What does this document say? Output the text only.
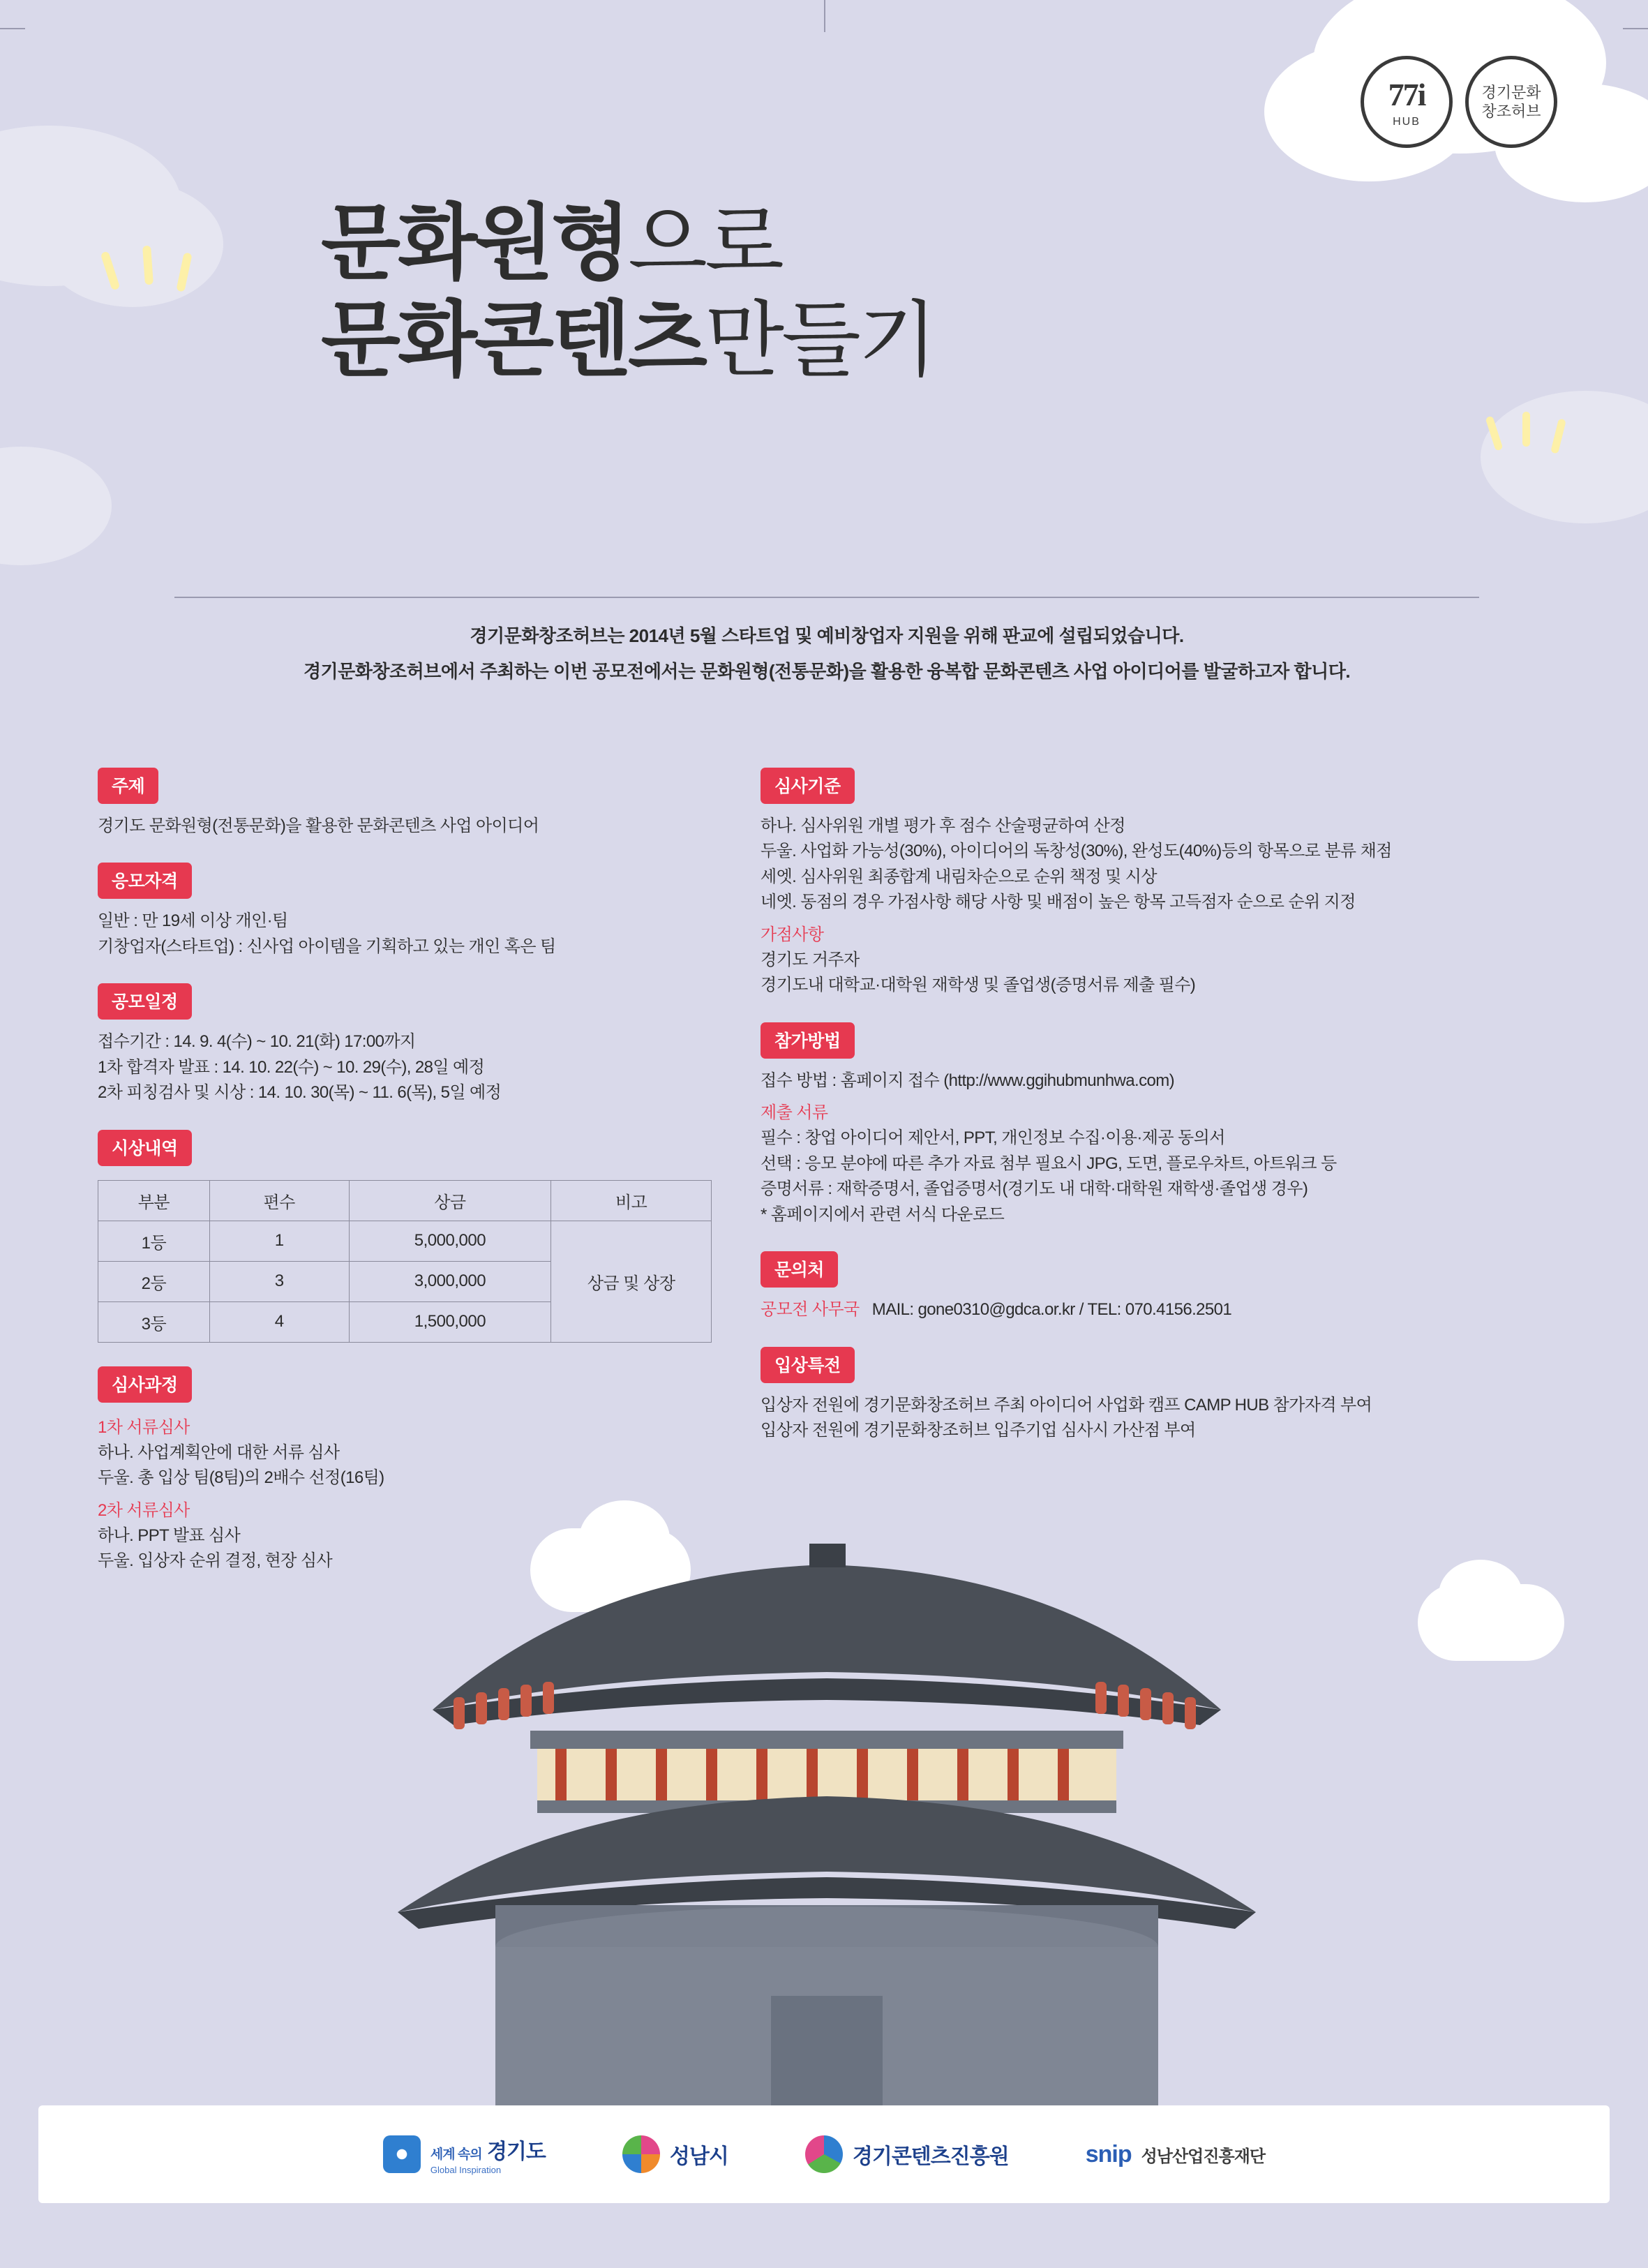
77i
HUB
경기문화
창조허브
문화원형으로
문화콘텐츠만들기

경기문화창조허브는 2014년 5월 스타트업 및 예비창업자 지원을 위해 판교에 설립되었습니다.

경기문화창조허브에서 주최하는 이번 공모전에서는 문화원형(전통문화)을 활용한 융복합 문화콘텐츠 사업 아이디어를 발굴하고자 합니다.

주제
경기도 문화원형(전통문화)을 활용한 문화콘텐츠 사업 아이디어
응모자격
일반 : 만 19세 이상 개인·팀
기창업자(스타트업) : 신사업 아이템을 기획하고 있는 개인 혹은 팀
공모일정
접수기간 : 14. 9. 4(수) ~ 10. 21(화) 17:00까지
1차 합격자 발표 : 14. 10. 22(수) ~ 10. 29(수), 28일 예정
2차 피칭검사 및 시상 : 14. 10. 30(목) ~ 11. 6(목), 5일 예정
시상내역
부분	편수	상금	비고
1등	1	5,000,000	상금 및 상장
2등	3	3,000,000	
3등	4	1,500,000	
심사과정
1차 서류심사
하나. 사업계획안에 대한 서류 심사
두울. 총 입상 팀(8팀)의 2배수 선정(16팀)
2차 서류심사
하나. PPT 발표 심사
두울. 입상자 순위 결정, 현장 심사
심사기준
하나. 심사위원 개별 평가 후 점수 산술평균하여 산정
두울. 사업화 가능성(30%), 아이디어의 독창성(30%), 완성도(40%)등의 항목으로 분류 채점
세엣. 심사위원 최종합계 내림차순으로 순위 책정 및 시상
네엣. 동점의 경우 가점사항 해당 사항 및 배점이 높은 항목 고득점자 순으로 순위 지정
가점사항
경기도 거주자
경기도내 대학교·대학원 재학생 및 졸업생(증명서류 제출 필수)
참가방법
접수 방법 : 홈페이지 접수 (http://www.ggihubmunhwa.com)
제출 서류
필수 : 창업 아이디어 제안서, PPT, 개인정보 수집·이용·제공 동의서
선택 : 응모 분야에 따른 추가 자료 첨부 필요시 JPG, 도면, 플로우차트, 아트워크 등
증명서류 : 재학증명서, 졸업증명서(경기도 내 대학·대학원 재학생·졸업생 경우)
* 홈페이지에서 관련 서식 다운로드
문의처
공모전 사무국 MAIL: gone0310@gdca.or.kr / TEL: 070.4156.2501
입상특전
입상자 전원에 경기문화창조허브 주최 아이디어 사업화 캠프 CAMP HUB 참가자격 부여
입상자 전원에 경기문화창조허브 입주기업 심사시 가산점 부여
세계 속의 경기도
Global Inspiration
성남시	경기콘텐츠진흥원	snip 성남산업진흥재단
